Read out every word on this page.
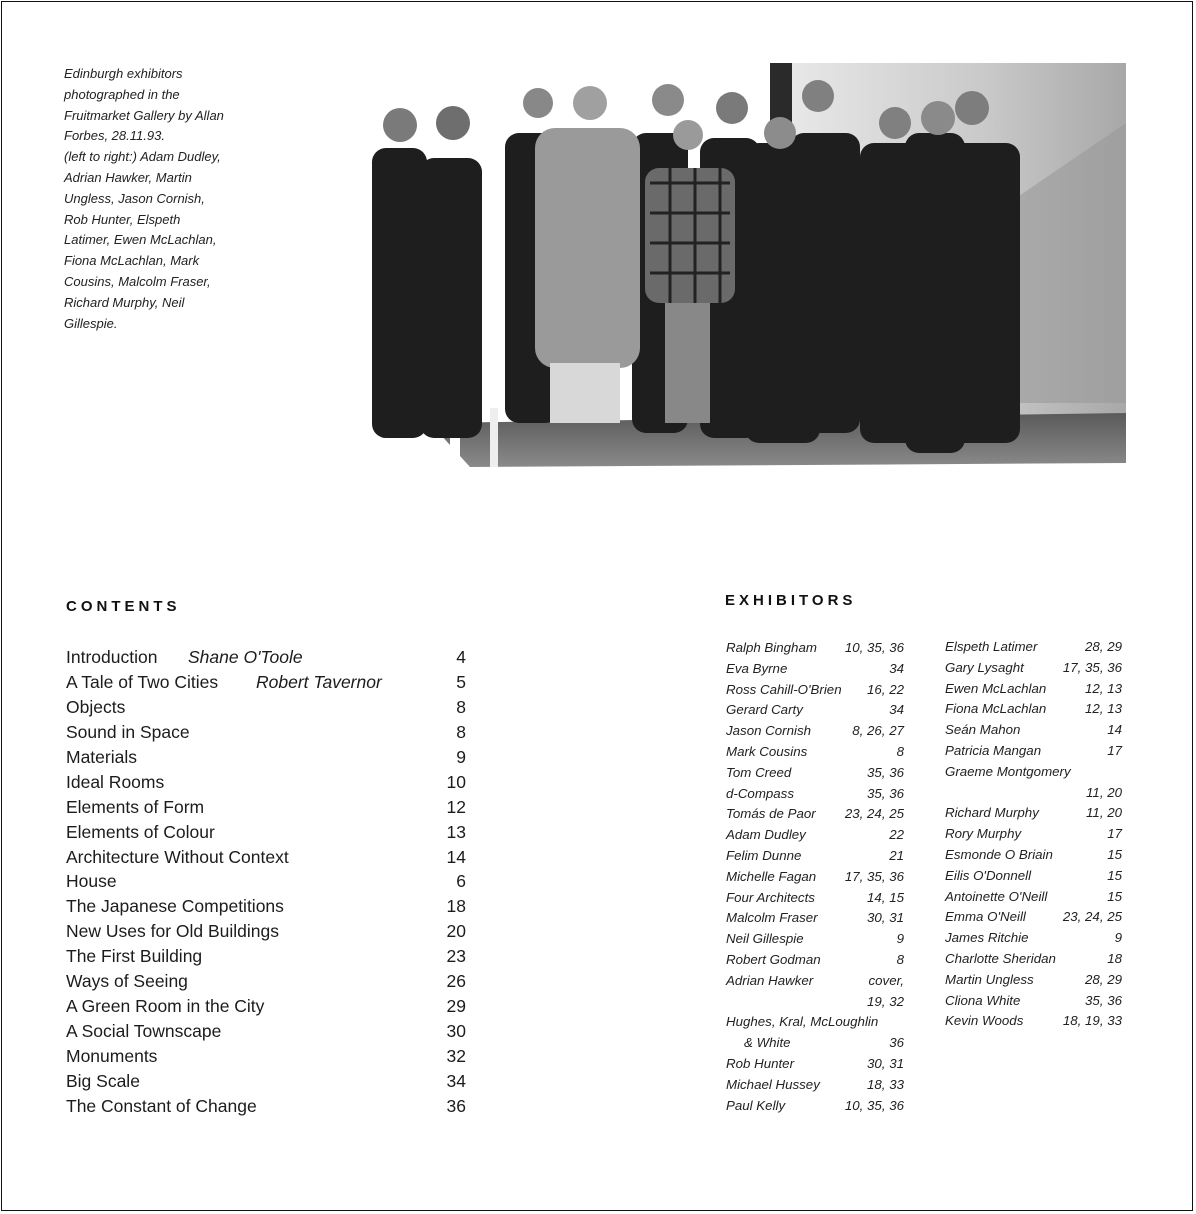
Edinburgh exhibitors
photographed in the
Fruitmarket Gallery by Allan
Forbes, 28.11.93.
(left to right:) Adam Dudley,
Adrian Hawker, Martin
Ungless, Jason Cornish,
Rob Hunter, Elspeth
Latimer, Ewen McLachlan,
Fiona McLachlan, Mark
Cousins, Malcolm Fraser,
Richard Murphy, Neil
Gillespie.
CONTENTS
Introduction Shane O'Toole	4
A Tale of Two Cities Robert Tavernor	5
Objects	8
Sound in Space	8
Materials	9
Ideal Rooms	10
Elements of Form	12
Elements of Colour	13
Architecture Without Context	14
House	6
The Japanese Competitions	18
New Uses for Old Buildings	20
The First Building	23
Ways of Seeing	26
A Green Room in the City	29
A Social Townscape	30
Monuments	32
Big Scale	34
The Constant of Change	36
EXHIBITORS
Ralph Bingham 10, 35, 36
Eva Byrne	34
Ross Cahill-O'Brien 16, 22
Gerard Carty	34
Jason Cornish	8, 26, 27
Mark Cousins	8
Tom Creed	35, 36
d-Compass	35, 36
Tomás de Paor 23, 24, 25
Adam Dudley	22
Felim Dunne	21
Michelle Fagan 17, 35, 36
Four Architects	14, 15
Malcolm Fraser	30, 31
Neil Gillespie	9
Robert Godman	8
Adrian Hawker	cover,
19, 32
Hughes, Kral, McLoughlin
& White	36
Rob Hunter	30, 31
Michael Hussey	18, 33
Paul Kelly	10, 35, 36
Elspeth Latimer	28, 29
Gary Lysaght	17, 35, 36
Ewen McLachlan	12, 13
Fiona McLachlan	12, 13
Seán Mahon	14
Patricia Mangan	17
Graeme Montgomery
11, 20
Richard Murphy	11, 20
Rory Murphy	17
Esmonde O Briain	15
Eilis O'Donnell	15
Antoinette O'Neill	15
Emma O'Neill	23, 24, 25
James Ritchie	9
Charlotte Sheridan	18
Martin Ungless	28, 29
Cliona White	35, 36
Kevin Woods	18, 19, 33
